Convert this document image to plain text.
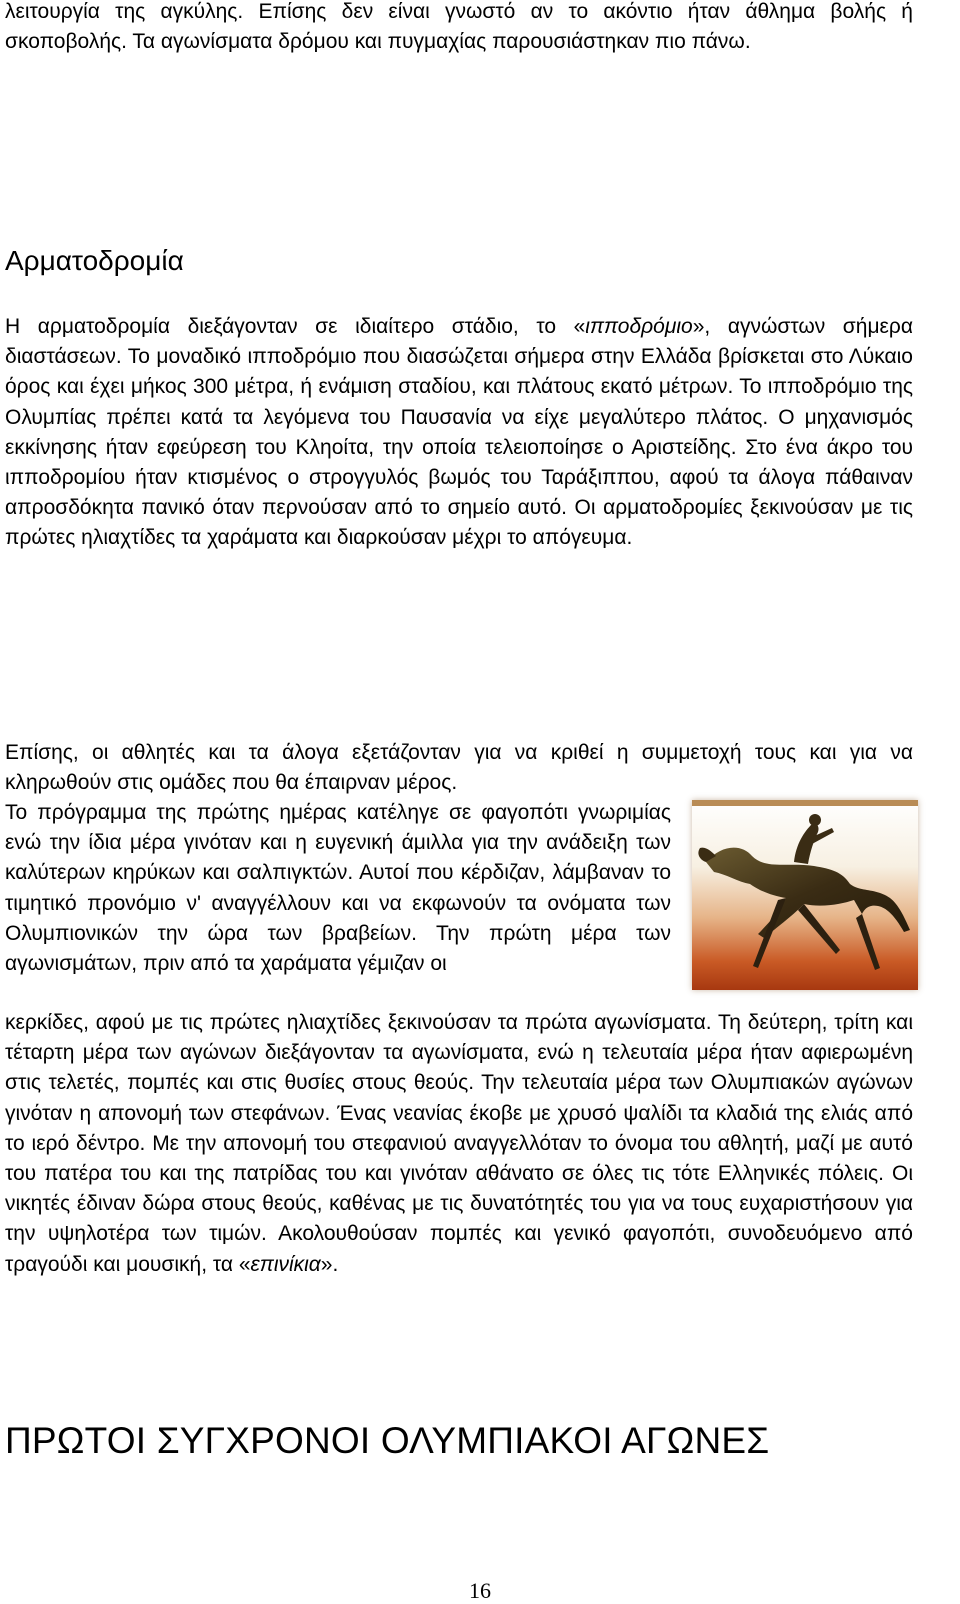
λειτουργία της αγκύλης. Επίσης δεν είναι γνωστό αν το ακόντιο ήταν άθλημα βολής ή σκοποβολής. Τα αγωνίσματα δρόμου και πυγμαχίας παρουσιάστηκαν πιο πάνω.

Αρματοδρομία

Η αρματοδρομία διεξάγονταν σε ιδιαίτερο στάδιο, το «ιπποδρόμιο», αγνώστων σήμερα διαστάσεων. Το μοναδικό ιπποδρόμιο που διασώζεται σήμερα στην Ελλάδα βρίσκεται στο Λύκαιο όρος και έχει μήκος 300 μέτρα, ή ενάμιση σταδίου, και πλάτους εκατό μέτρων. Το ιπποδρόμιο της Ολυμπίας πρέπει κατά τα λεγόμενα του Παυσανία να είχε μεγαλύτερο πλάτος. Ο μηχανισμός εκκίνησης ήταν εφεύρεση του Κληοίτα, την οποία τελειοποίησε ο Αριστείδης. Στο ένα άκρο του ιπποδρομίου ήταν κτισμένος ο στρογγυλός βωμός του Ταράξιππου, αφού τα άλογα πάθαιναν απροσδόκητα πανικό όταν περνούσαν από το σημείο αυτό. Οι αρματοδρομίες ξεκινούσαν με τις πρώτες ηλιαχτίδες τα χαράματα και διαρκούσαν μέχρι το απόγευμα.

Επίσης, οι αθλητές και τα άλογα εξετάζονταν για να κριθεί η συμμετοχή τους και για να κληρωθούν στις ομάδες που θα έπαιρναν μέρος.

Το πρόγραμμα της πρώτης ημέρας κατέληγε σε φαγοπότι γνωριμίας ενώ την ίδια μέρα γινόταν και η ευγενική άμιλλα για την ανάδειξη των καλύτερων κηρύκων και σαλπιγκτών. Αυτοί που κέρδιζαν, λάμβαναν το τιμητικό προνόμιο ν' αναγγέλλουν και να εκφωνούν τα ονόματα των Ολυμπιονικών την ώρα των βραβείων. Την πρώτη μέρα των αγωνισμάτων, πριν από τα χαράματα γέμιζαν οι

κερκίδες, αφού με τις πρώτες ηλιαχτίδες ξεκινούσαν τα πρώτα αγωνίσματα. Τη δεύτερη, τρίτη και τέταρτη μέρα των αγώνων διεξάγονταν τα αγωνίσματα, ενώ η τελευταία μέρα ήταν αφιερωμένη στις τελετές, πομπές και στις θυσίες στους θεούς. Την τελευταία μέρα των Ολυμπιακών αγώνων γινόταν η απονομή των στεφάνων. Ένας νεανίας έκοβε με χρυσό ψαλίδι τα κλαδιά της ελιάς από το ιερό δέντρο. Με την απονομή του στεφανιού αναγγελλόταν το όνομα του αθλητή, μαζί με αυτό του πατέρα του και της πατρίδας του και γινόταν αθάνατο σε όλες τις τότε Ελληνικές πόλεις. Οι νικητές έδιναν δώρα στους θεούς, καθένας με τις δυνατότητές του για να τους ευχαριστήσουν για την υψηλοτέρα των τιμών. Ακολουθούσαν πομπές και γενικό φαγοπότι, συνοδευόμενο από τραγούδι και μουσική, τα «επινίκια».

ΠΡΩΤΟΙ ΣΥΓΧΡΟΝΟΙ ΟΛΥΜΠΙΑΚΟΙ ΑΓΩΝΕΣ
16
